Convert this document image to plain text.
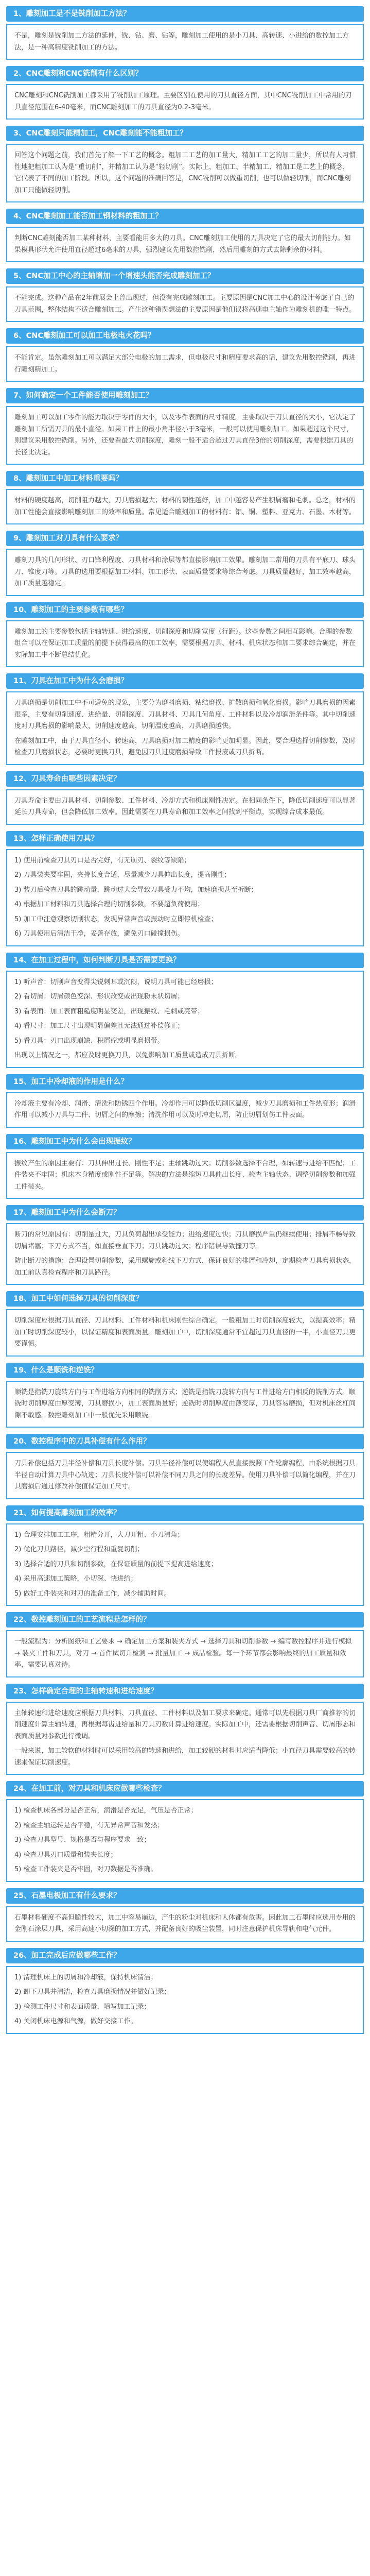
1、雕刻加工是不是铣削加工方法？

不是，雕刻是铣削加工方法的延伸，铣、钻、磨、钻等，雕刻加工使用的是小刀具、高转速、小进给的数控加工方法，是一种高精度铣削加工的方法。

2、CNC雕刻和CNC铣削有什么区别？

CNC雕刻和CNC铣削加工都采用了铣削加工原理。主要区别在使用的刀具直径方面，其中CNC铣削加工中常用的刀具直径范围在6-40毫米，而CNC雕刻加工的刀具直径为0.2-3毫米。

3、CNC雕刻只能精加工，CNC雕刻能不能粗加工？

回答这个问题之前，我们首先了解一下工艺的概念。粗加工工艺的加工量大，精加工工艺的加工量少，所以有人习惯性地把粗加工认为是“重切削”，并精加工认为是“轻切削”。实际上，粗加工、半精加工、精加工是工艺上的概念，它代表了不同的加工阶段。所以，这个问题的准确回答是，CNC铣削可以做重切削，也可以做轻切削，而CNC雕刻加工只能做轻切削。

4、CNC雕刻加工能否加工钢材料的粗加工？

判断CNC雕刻能否加工某种材料，主要看能用多大的刀具。CNC雕刻加工使用的刀具决定了它的最大切削能力。如果模具形状允许使用直径超过6毫米的刀具，强烈建议先用数控铣削，然后用雕刻的方式去除剩余的材料。

5、CNC加工中心的主轴增加一个增速头能否完成雕刻加工？

不能完成。这种产品在2年前展会上曾出现过，但没有完成雕刻加工。主要原因是CNC加工中心的设计考虑了自己的刀具范围，整体结构不适合雕刻加工。产生这种错误想法的主要原因是他们误将高速电主轴作为雕刻机的唯一特点。

6、CNC雕刻加工可以加工电极电火花吗？

不能肯定。虽然雕刻加工可以满足大部分电极的加工需求，但电极尺寸和精度要求高的话，建议先用数控铣削，再进行雕刻精加工。

7、如何确定一个工件能否使用雕刻加工？

雕刻加工可以加工零件的能力取决于零件的大小，以及零件表面的尺寸精度。主要取决于刀具直径的大小，它决定了雕刻加工所需刀具的最小直径。如果工件上的最小角半径小于3毫米，一般可以使用雕刻加工。如果超过这个尺寸，则建议采用数控铣削。另外，还要看最大切削深度，雕刻一般不适合超过刀具直径3倍的切削深度，需要根据刀具的长径比决定。

8、雕刻加工中加工材料重要吗？

材料的硬度越高，切削阻力越大，刀具磨损越大；材料的韧性越好，加工中越容易产生积屑瘤和毛刺。总之，材料的加工性能会直接影响雕刻加工的效率和质量。常见适合雕刻加工的材料有：铝、铜、塑料、亚克力、石墨、木材等。

9、雕刻加工对刀具有什么要求？

雕刻刀具的几何形状、刃口锋利程度、刀具材料和涂层等都直接影响加工效果。雕刻加工常用的刀具有平底刀、球头刀、锥度刀等。刀具的选用要根据加工材料、加工形状、表面质量要求等综合考虑。刀具质量越好，加工效率越高，加工质量越稳定。

10、雕刻加工的主要参数有哪些？

雕刻加工的主要参数包括主轴转速、进给速度、切削深度和切削宽度（行距）。这些参数之间相互影响。合理的参数组合可以在保证加工质量的前提下获得最高的加工效率，需要根据刀具、材料、机床状态和加工要求综合确定，并在实际加工中不断总结优化。

11、刀具在加工中为什么会磨损？

刀具磨损是切削加工中不可避免的现象，主要分为磨料磨损、粘结磨损、扩散磨损和氧化磨损。影响刀具磨损的因素很多，主要有切削速度、进给量、切削深度、刀具材料、刀具几何角度、工件材料以及冷却润滑条件等。其中切削速度对刀具磨损的影响最大，切削速度越高，切削温度越高，刀具磨损越快。

在雕刻加工中，由于刀具直径小、转速高，刀具磨损对加工精度的影响更加明显。因此，要合理选择切削参数，及时检查刀具磨损状态，必要时更换刀具，避免因刀具过度磨损导致工件报废或刀具折断。

12、刀具寿命由哪些因素决定？

刀具寿命主要由刀具材料、切削参数、工件材料、冷却方式和机床刚性决定。在相同条件下，降低切削速度可以显著延长刀具寿命，但会降低加工效率。因此需要在刀具寿命和加工效率之间找到平衡点，实现综合成本最低。

13、怎样正确使用刀具？

1) 使用前检查刀具刃口是否完好，有无崩刃、裂纹等缺陷；

2) 刀具装夹要牢固，夹持长度合适，尽量减少刀具伸出长度，提高刚性；

3) 装刀后检查刀具的跳动量，跳动过大会导致刀具受力不均，加速磨损甚至折断；

4) 根据加工材料和刀具选择合理的切削参数，不要超负荷使用；

5) 加工中注意观察切削状态，发现异常声音或振动时立即停机检查；

6) 刀具使用后清洁干净，妥善存放，避免刃口碰撞损伤。

14、在加工过程中，如何判断刀具是否需要更换？

1) 听声音：切削声音变得尖锐刺耳或沉闷，说明刀具可能已经磨损；

2) 看切屑：切屑颜色变深、形状改变或出现粉末状切屑；

3) 看表面：加工表面粗糙度明显变差，出现振纹、毛刺或亮带；

4) 看尺寸：加工尺寸出现明显偏差且无法通过补偿修正；

5) 看刀具：刃口出现崩缺、积屑瘤或明显磨损带。

出现以上情况之一，都应及时更换刀具，以免影响加工质量或造成刀具折断。

15、加工中冷却液的作用是什么？

冷却液主要有冷却、润滑、清洗和防锈四个作用。冷却作用可以降低切削区温度，减少刀具磨损和工件热变形；润滑作用可以减小刀具与工件、切屑之间的摩擦；清洗作用可以及时冲走切屑，防止切屑划伤工件表面。

16、雕刻加工中为什么会出现振纹？

振纹产生的原因主要有：刀具伸出过长、刚性不足；主轴跳动过大；切削参数选择不合理，如转速与进给不匹配；工件装夹不牢固；机床本身精度或刚性不足等。解决的方法是缩短刀具伸出长度、检查主轴状态、调整切削参数和加强工件装夹。

17、雕刻加工中为什么会断刀？

断刀的常见原因有：切削量过大，刀具负荷超出承受能力；进给速度过快；刀具磨损严重仍继续使用；排屑不畅导致切屑堵塞；下刀方式不当，如直接垂直下刀；刀具跳动过大；程序错误导致撞刀等。

防止断刀的措施：合理设置切削参数，采用螺旋或斜线下刀方式，保证良好的排屑和冷却，定期检查刀具磨损状态，加工前认真检查程序和刀具路径。

18、加工中如何选择刀具的切削深度？

切削深度应根据刀具直径、刀具材料、工件材料和机床刚性综合确定。一般粗加工时切削深度较大，以提高效率；精加工时切削深度较小，以保证精度和表面质量。雕刻加工中，切削深度通常不宜超过刀具直径的一半，小直径刀具更要谨慎。

19、什么是顺铣和逆铣？

顺铣是指铣刀旋转方向与工件进给方向相同的铣削方式；逆铣是指铣刀旋转方向与工件进给方向相反的铣削方式。顺铣时切削厚度由厚变薄，刀具磨损小，加工表面质量好；逆铣时切削厚度由薄变厚，刀具容易磨损，但对机床丝杠间隙不敏感。数控雕刻加工中一般优先采用顺铣。

20、数控程序中的刀具补偿有什么作用？

刀具补偿包括刀具半径补偿和刀具长度补偿。刀具半径补偿可以使编程人员直接按照工件轮廓编程，由系统根据刀具半径自动计算刀具中心轨迹；刀具长度补偿可以补偿不同刀具之间的长度差异。使用刀具补偿可以简化编程，并在刀具磨损后通过修改补偿值保证加工尺寸。

21、如何提高雕刻加工的效率？

1) 合理安排加工工序，粗精分开，大刀开粗、小刀清角；

2) 优化刀具路径，减少空行程和重复切削；

3) 选择合适的刀具和切削参数，在保证质量的前提下提高进给速度；

4) 采用高速加工策略，小切深、快进给；

5) 做好工件装夹和对刀的准备工作，减少辅助时间。

22、数控雕刻加工的工艺流程是怎样的？

一般流程为：分析图纸和工艺要求 → 确定加工方案和装夹方式 → 选择刀具和切削参数 → 编写数控程序并进行模拟 → 装夹工件和刀具，对刀 → 首件试切并检测 → 批量加工 → 成品检验。每一个环节都会影响最终的加工质量和效率，需要认真对待。

23、怎样确定合理的主轴转速和进给速度？

主轴转速和进给速度应根据刀具材料、刀具直径、工件材料以及加工要求来确定。通常可以先根据刀具厂商推荐的切削速度计算主轴转速，再根据每齿进给量和刀具刃数计算进给速度。实际加工中，还需要根据切削声音、切屑形态和表面质量对参数进行微调。

一般来说，加工较软的材料时可以采用较高的转速和进给，加工较硬的材料时应适当降低；小直径刀具需要较高的转速来保证切削速度。

24、在加工前，对刀具和机床应做哪些检查？

1) 检查机床各部分是否正常，润滑是否充足，气压是否正常；

2) 检查主轴运转是否平稳，有无异常声音和发热；

3) 检查刀具型号、规格是否与程序要求一致；

4) 检查刀具刃口质量和装夹长度；

5) 检查工件装夹是否牢固，对刀数据是否准确。

25、石墨电极加工有什么要求？

石墨材料硬度不高但脆性较大，加工中容易崩边，产生的粉尘对机床和人体都有危害。因此加工石墨时应选用专用的金刚石涂层刀具，采用高速小切深的加工方式，并配备良好的吸尘装置，同时注意保护机床导轨和电气元件。

26、加工完成后应做哪些工作？

1) 清理机床上的切屑和冷却液，保持机床清洁；

2) 卸下刀具并清洁，检查刀具磨损情况并做好记录；

3) 检测工件尺寸和表面质量，填写加工记录；

4) 关闭机床电源和气源，做好交接工作。
